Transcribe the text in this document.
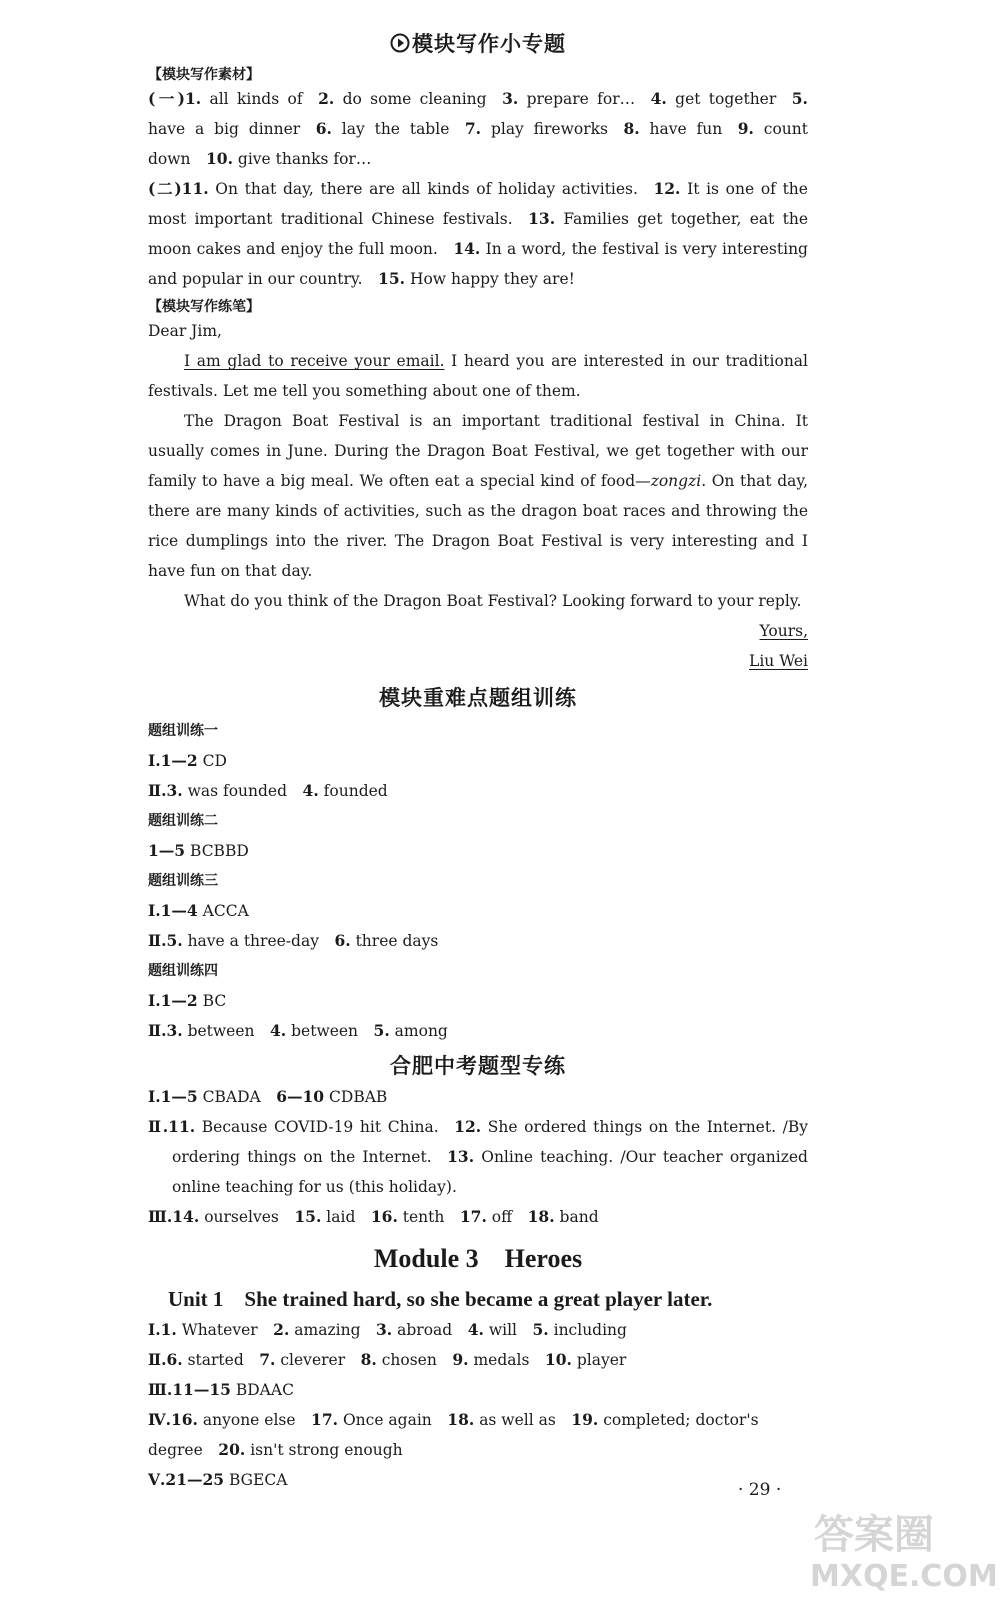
模块写作小专题
【模块写作素材】
(一)1. all kinds of  2. do some cleaning  3. prepare for…  4. get together  5. have a big dinner  6. lay the table  7. play fireworks  8. have fun  9. count down  10. give thanks for…
(二)11. On that day, there are all kinds of holiday activities.  12. It is one of the most important traditional Chinese festivals.  13. Families get together, eat the moon cakes and enjoy the full moon.  14. In a word, the festival is very interesting and popular in our country.  15. How happy they are!
【模块写作练笔】
Dear Jim,
I am glad to receive your email. I heard you are interested in our traditional festivals. Let me tell you something about one of them.
The Dragon Boat Festival is an important traditional festival in China. It usually comes in June. During the Dragon Boat Festival, we get together with our family to have a big meal. We often eat a special kind of food—zongzi. On that day, there are many kinds of activities, such as the dragon boat races and throwing the rice dumplings into the river. The Dragon Boat Festival is very interesting and I have fun on that day.
What do you think of the Dragon Boat Festival? Looking forward to your reply.
Yours,
Liu Wei
模块重难点题组训练
题组训练一
Ⅰ.1—2 CD
Ⅱ.3. was founded  4. founded
题组训练二
1—5 BCBBD
题组训练三
Ⅰ.1—4 ACCA
Ⅱ.5. have a three-day  6. three days
题组训练四
Ⅰ.1—2 BC
Ⅱ.3. between  4. between  5. among
合肥中考题型专练
Ⅰ.1—5 CBADA  6—10 CDBAB
Ⅱ.11. Because COVID-19 hit China.  12. She ordered things on the Internet. /By ordering things on the Internet.  13. Online teaching. /Our teacher organized online teaching for us (this holiday).
Ⅲ.14. ourselves  15. laid  16. tenth  17. off  18. band
Module 3　Heroes
Unit 1　She trained hard, so she became a great player later.
Ⅰ.1. Whatever  2. amazing  3. abroad  4. will  5. including
Ⅱ.6. started  7. cleverer  8. chosen  9. medals  10. player
Ⅲ.11—15 BDAAC
Ⅳ.16. anyone else  17. Once again  18. as well as  19. completed; doctor's degree  20. isn't strong enough
Ⅴ.21—25 BGECA	· 29 ·
答案圈
MXQE.COM
